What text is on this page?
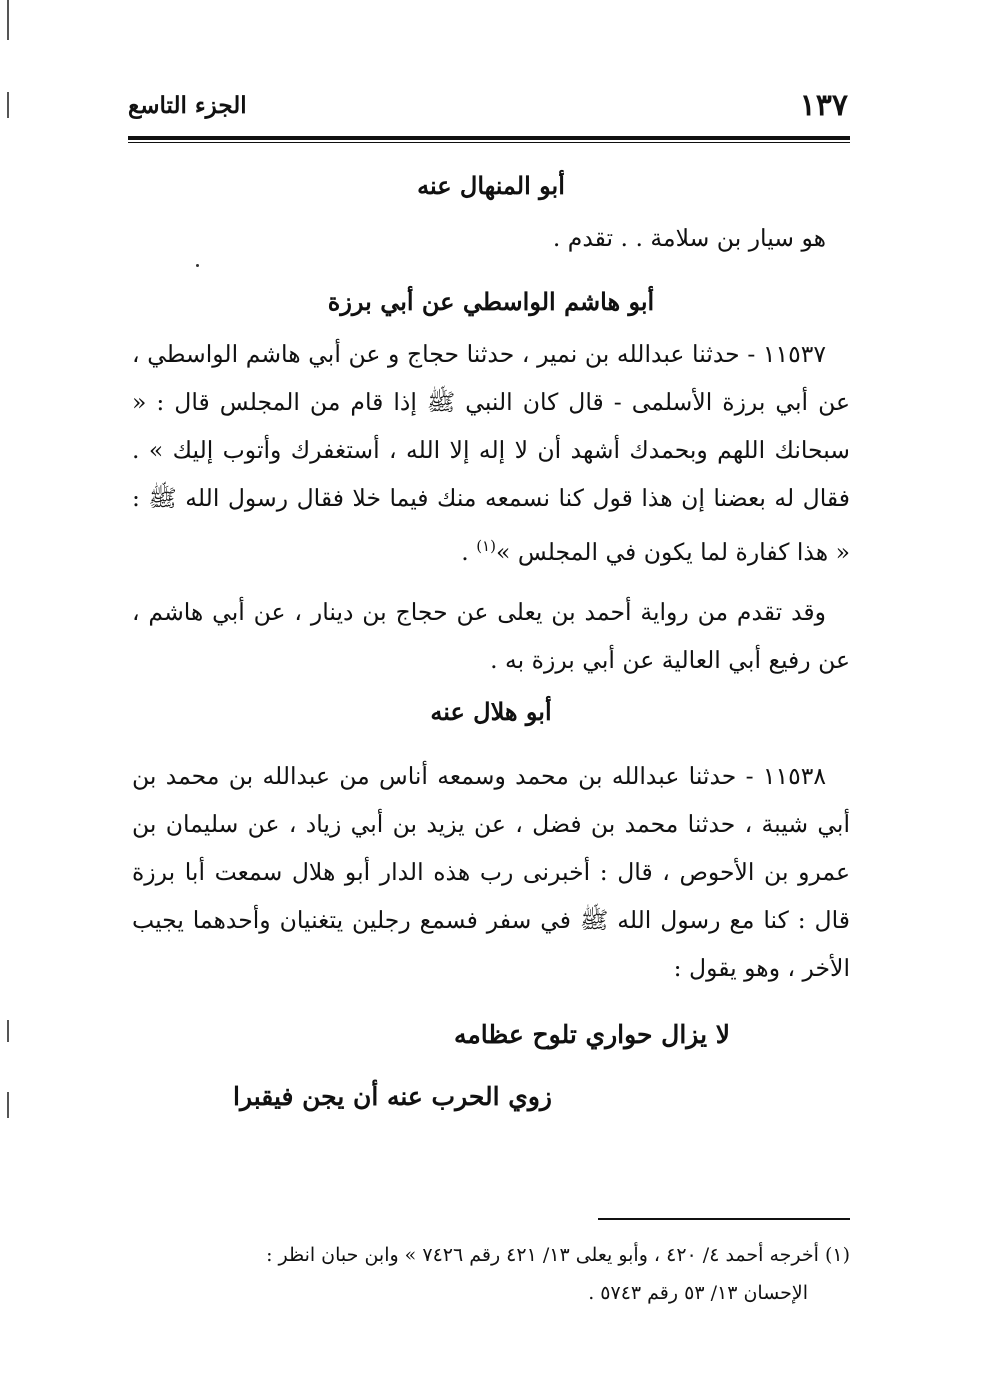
١٣٧
الجزء التاسع
أبو المنهال عنه

هو سيار بن سلامة . . تقدم .

أبو هاشم الواسطي عن أبي برزة

١١٥٣٧ - حدثنا عبدالله بن نمير ، حدثنا حجاج و عن أبي هاشم الواسطي ، عن أبي برزة الأسلمى - قال كان النبي ﷺ إذا قام من المجلس قال : « سبحانك اللهم وبحمدك أشهد أن لا إله إلا الله ، أستغفرك وأتوب إليك » . فقال له بعضنا إن هذا قول كنا نسمعه منك فيما خلا فقال رسول الله ﷺ : « هذا كفارة لما يكون في المجلس »$^{(١)}$ .

وقد تقدم من رواية أحمد بن يعلى عن حجاج بن دينار ، عن أبي هاشم ، عن رفيع أبي العالية عن أبي برزة به .

أبو هلال عنه

١١٥٣٨ - حدثنا عبدالله بن محمد وسمعه أناس من عبدالله بن محمد بن أبي شيبة ، حدثنا محمد بن فضل ، عن يزيد بن أبي زياد ، عن سليمان بن عمرو بن الأحوص ، قال : أخبرنى رب هذه الدار أبو هلال سمعت أبا برزة قال : كنا مع رسول الله ﷺ في سفر فسمع رجلين يتغنيان وأحدهما يجيب الأخر ، وهو يقول :

لا يزال حواري تلوح عظامه

زوي الحرب عنه أن يجن فيقبرا

(١) أخرجه أحمد ٤/ ٤٢٠ ، وأبو يعلى ١٣/ ٤٢١ رقم ٧٤٢٦ » وابن حبان انظر :

الإحسان ١٣/ ٥٣ رقم ٥٧٤٣ .
